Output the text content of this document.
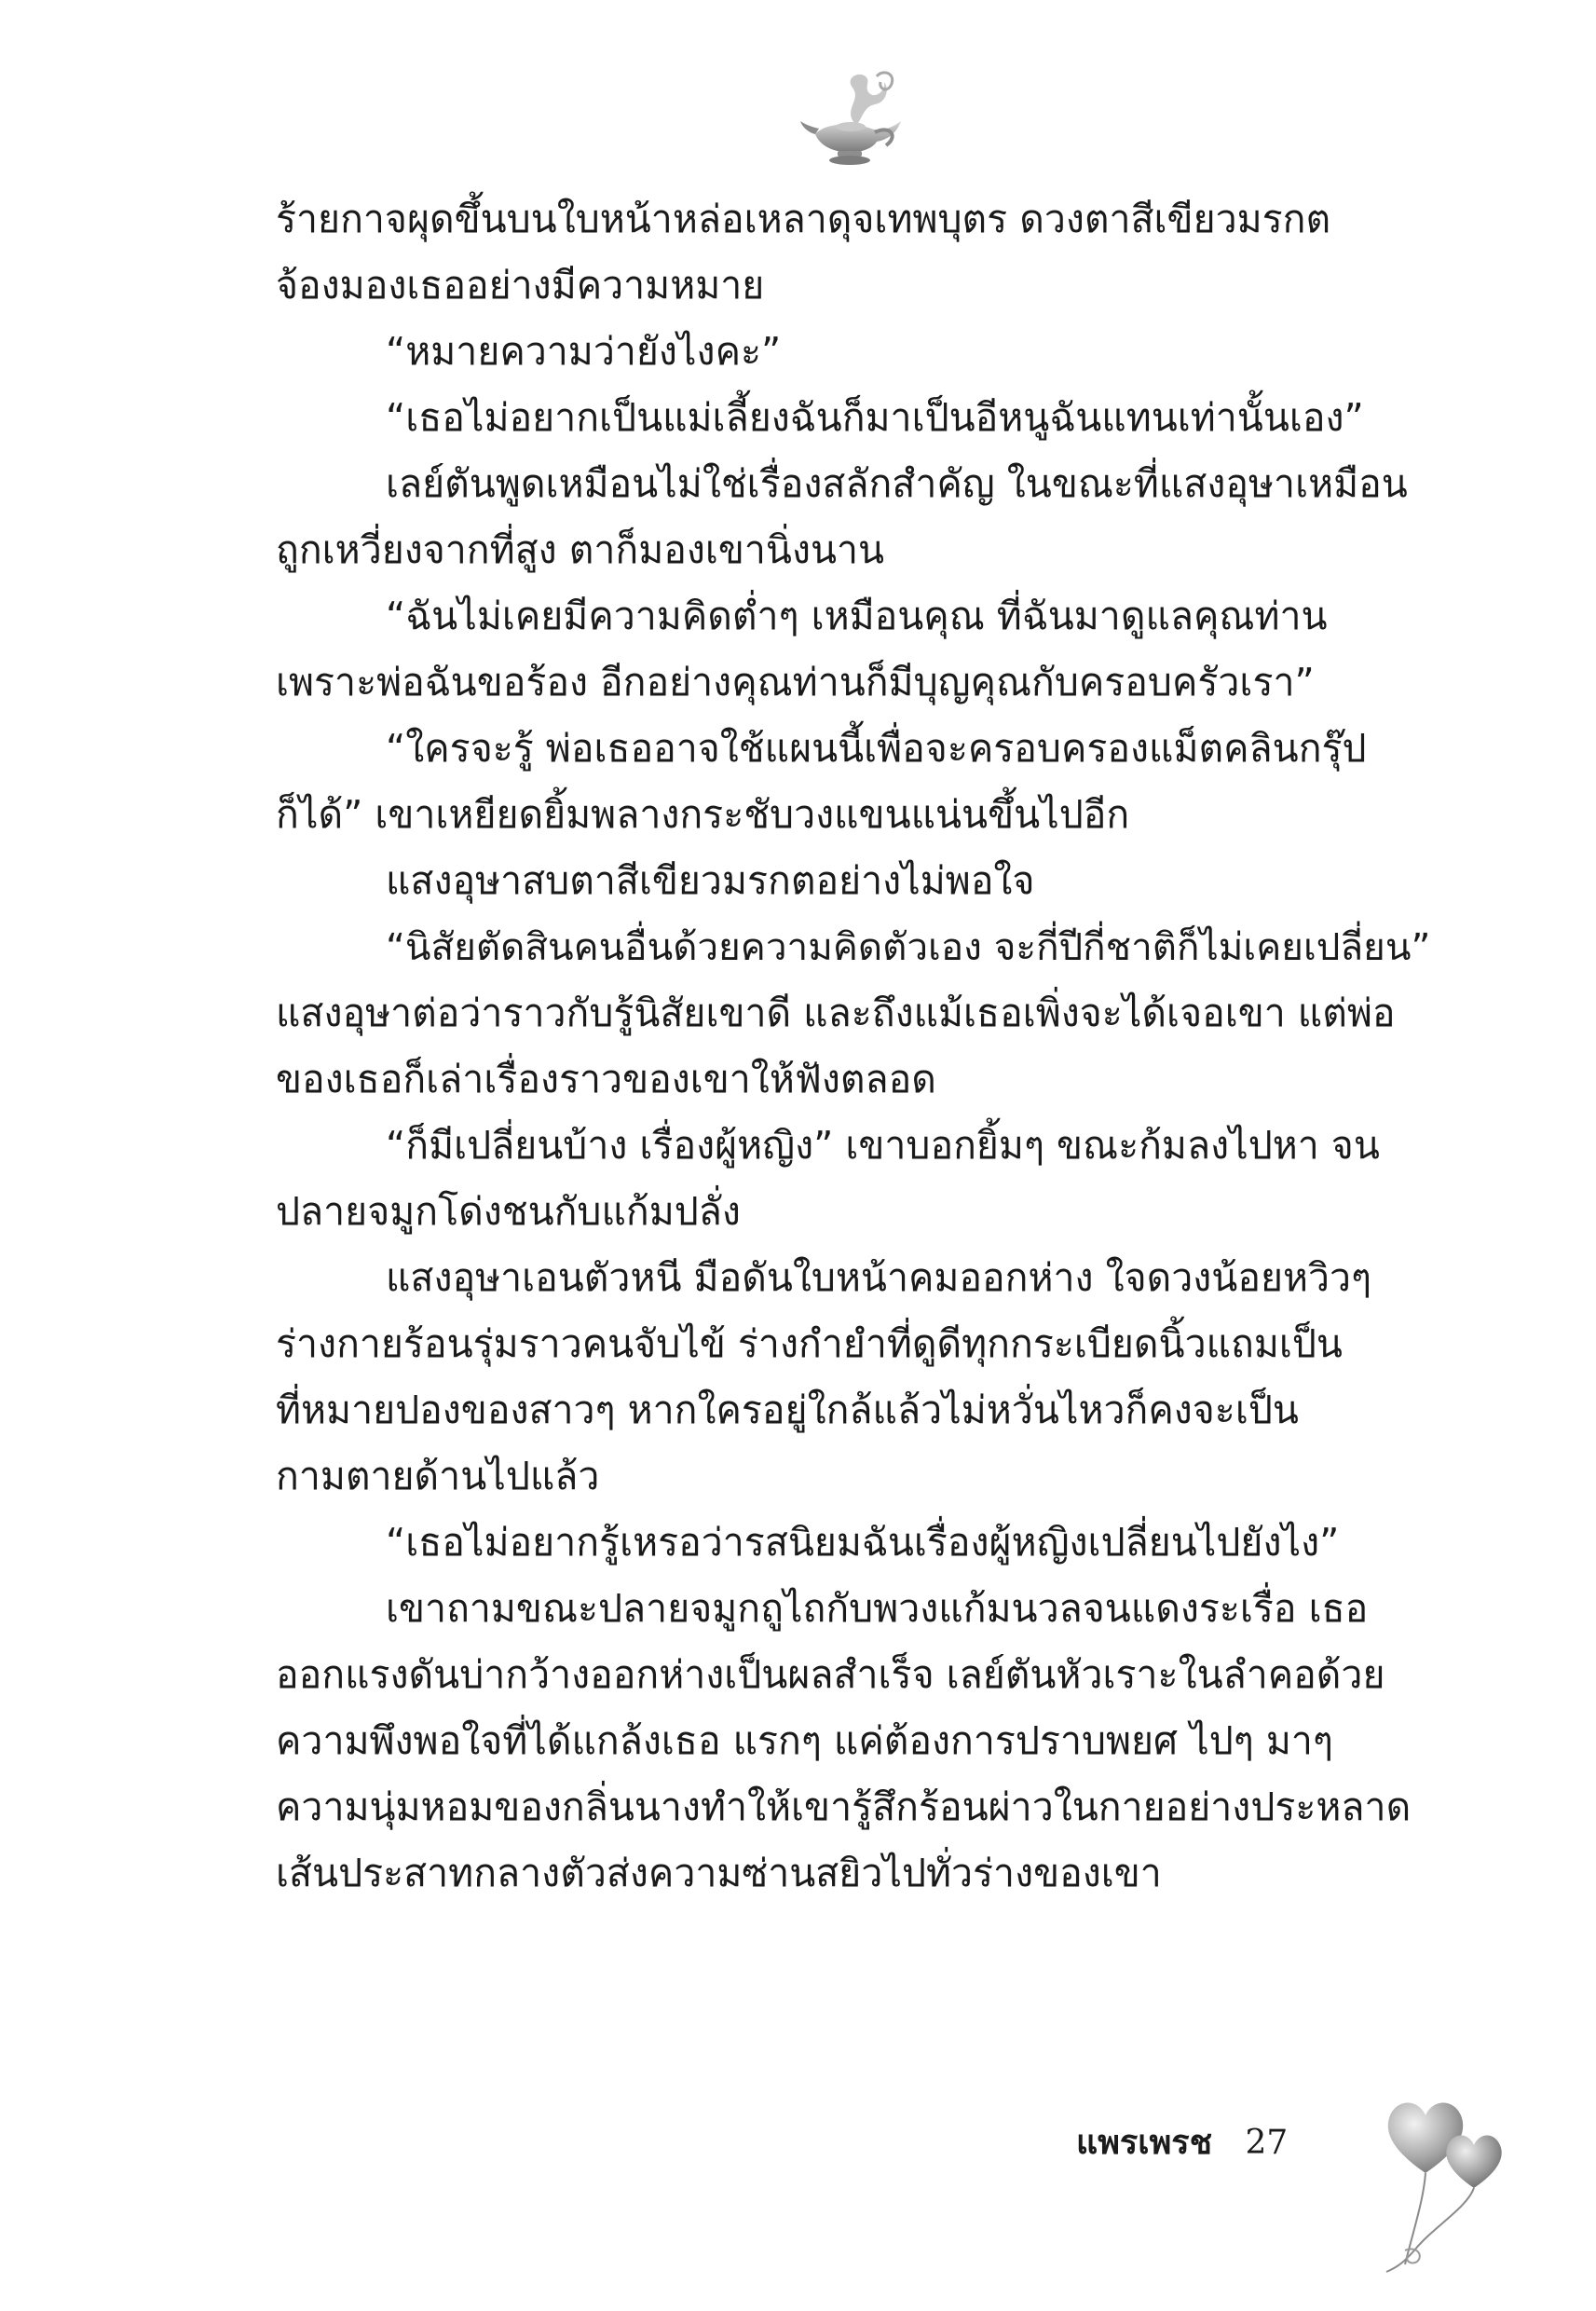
ร้ายกาจผุดขึ้นบนใบหน้าหล่อเหลาดุจเทพบุตร ดวงตาสีเขียวมรกต
จ้องมองเธออย่างมีความหมาย
“หมายความว่ายังไงคะ”
“เธอไม่อยากเป็นแม่เลี้ยงฉันก็มาเป็นอีหนูฉันแทนเท่านั้นเอง”
เลย์ตันพูดเหมือนไม่ใช่เรื่องสลักสำคัญ ในขณะที่แสงอุษาเหมือน
ถูกเหวี่ยงจากที่สูง ตาก็มองเขานิ่งนาน
“ฉันไม่เคยมีความคิดต่ำๆ เหมือนคุณ ที่ฉันมาดูแลคุณท่าน
เพราะพ่อฉันขอร้อง อีกอย่างคุณท่านก็มีบุญคุณกับครอบครัวเรา”
“ใครจะรู้ พ่อเธออาจใช้แผนนี้เพื่อจะครอบครองแม็ตคลินกรุ๊ป
ก็ได้” เขาเหยียดยิ้มพลางกระชับวงแขนแน่นขึ้นไปอีก
แสงอุษาสบตาสีเขียวมรกตอย่างไม่พอใจ
“นิสัยตัดสินคนอื่นด้วยความคิดตัวเอง จะกี่ปีกี่ชาติก็ไม่เคยเปลี่ยน”
แสงอุษาต่อว่าราวกับรู้นิสัยเขาดี และถึงแม้เธอเพิ่งจะได้เจอเขา แต่พ่อ
ของเธอก็เล่าเรื่องราวของเขาให้ฟังตลอด
“ก็มีเปลี่ยนบ้าง เรื่องผู้หญิง” เขาบอกยิ้มๆ ขณะก้มลงไปหา จน
ปลายจมูกโด่งชนกับแก้มปลั่ง
แสงอุษาเอนตัวหนี มือดันใบหน้าคมออกห่าง ใจดวงน้อยหวิวๆ
ร่างกายร้อนรุ่มราวคนจับไข้ ร่างกำยำที่ดูดีทุกกระเบียดนิ้วแถมเป็น
ที่หมายปองของสาวๆ หากใครอยู่ใกล้แล้วไม่หวั่นไหวก็คงจะเป็น
กามตายด้านไปแล้ว
“เธอไม่อยากรู้เหรอว่ารสนิยมฉันเรื่องผู้หญิงเปลี่ยนไปยังไง”
เขาถามขณะปลายจมูกถูไถกับพวงแก้มนวลจนแดงระเรื่อ เธอ
ออกแรงดันบ่ากว้างออกห่างเป็นผลสำเร็จ เลย์ตันหัวเราะในลำคอด้วย
ความพึงพอใจที่ได้แกล้งเธอ แรกๆ แค่ต้องการปราบพยศ ไปๆ มาๆ
ความนุ่มหอมของกลิ่นนางทำให้เขารู้สึกร้อนผ่าวในกายอย่างประหลาด
เส้นประสาทกลางตัวส่งความซ่านสยิวไปทั่วร่างของเขา
แพรเพรช 27
